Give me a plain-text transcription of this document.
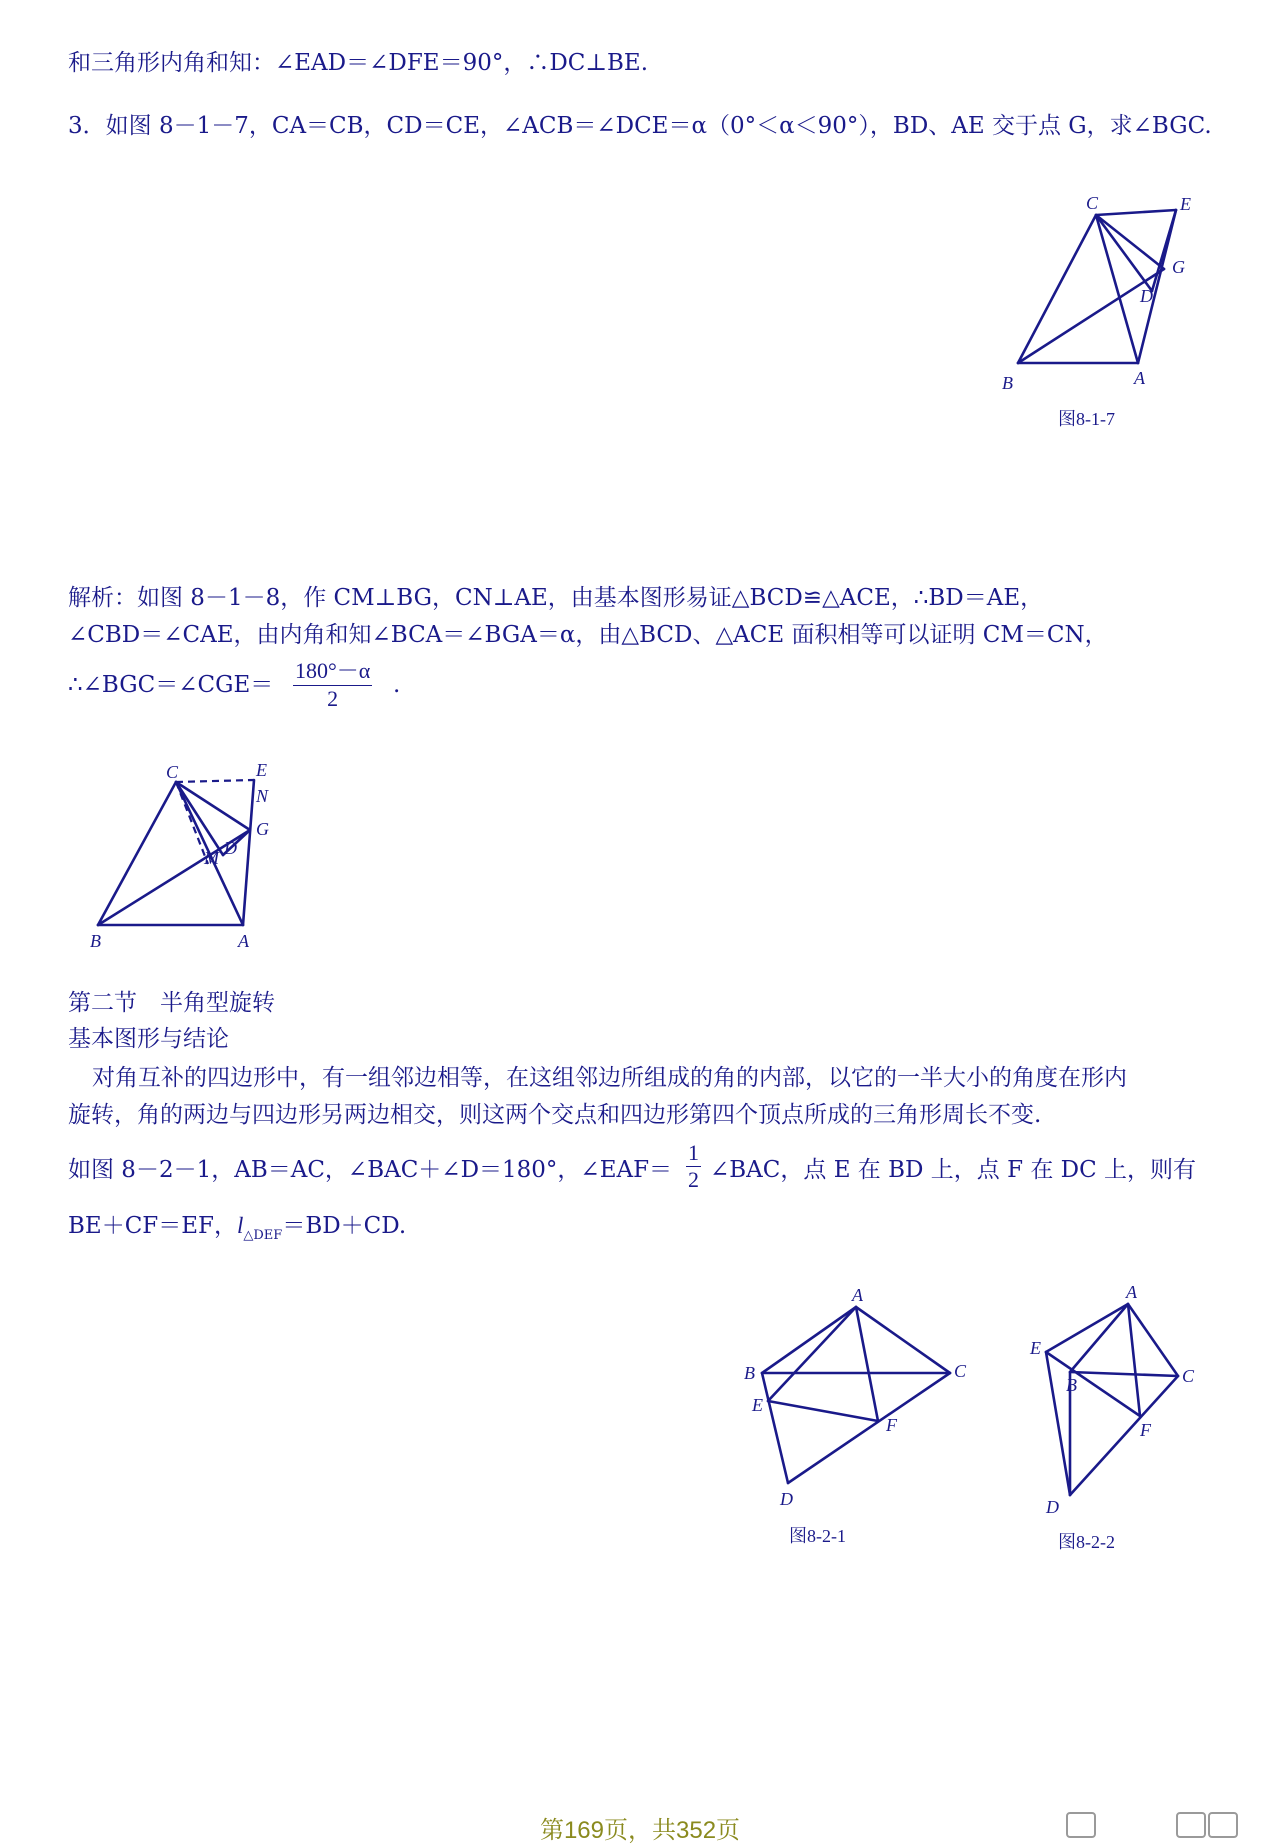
和三角形内角和知：∠EAD＝∠DFE＝90°，∴DC⊥BE.
3．如图 8－1－7，CA＝CB，CD＝CE，∠ACB＝∠DCE＝α（0°＜α＜90°），BD、AE 交于点 G，求∠BGC.
C	E
G
D
B	A
图8-1-7
解析：如图 8－1－8，作 CM⊥BG，CN⊥AE，由基本图形易证△BCD≌△ACE，∴BD＝AE，
∠CBD＝∠CAE，由内角和知∠BCA＝∠BGA＝α，由△BCD、△ACE 面积相等可以证明 CM＝CN，
∴∠BGC＝∠CGE＝
180°－α
2
.
C	E
N
G
D
M
B	A
第二节　半角型旋转
基本图形与结论
对角互补的四边形中，有一组邻边相等，在这组邻边所组成的角的内部，以它的一半大小的角度在形内
旋转，角的两边与四边形另两边相交，则这两个交点和四边形第四个顶点所成的三角形周长不变.
如图 8－2－1，AB＝AC，∠BAC＋∠D＝180°，∠EAF＝
1
2 ∠BAC，点 E 在 BD 上，点 F 在 DC 上，则有
BE＋CF＝EF，$l_{\triangle DEF}=BD+CD$.
A
B	C
E
F
D
图8-2-1
A
E
B	C
F
D
图8-2-2
第169页，共352页
